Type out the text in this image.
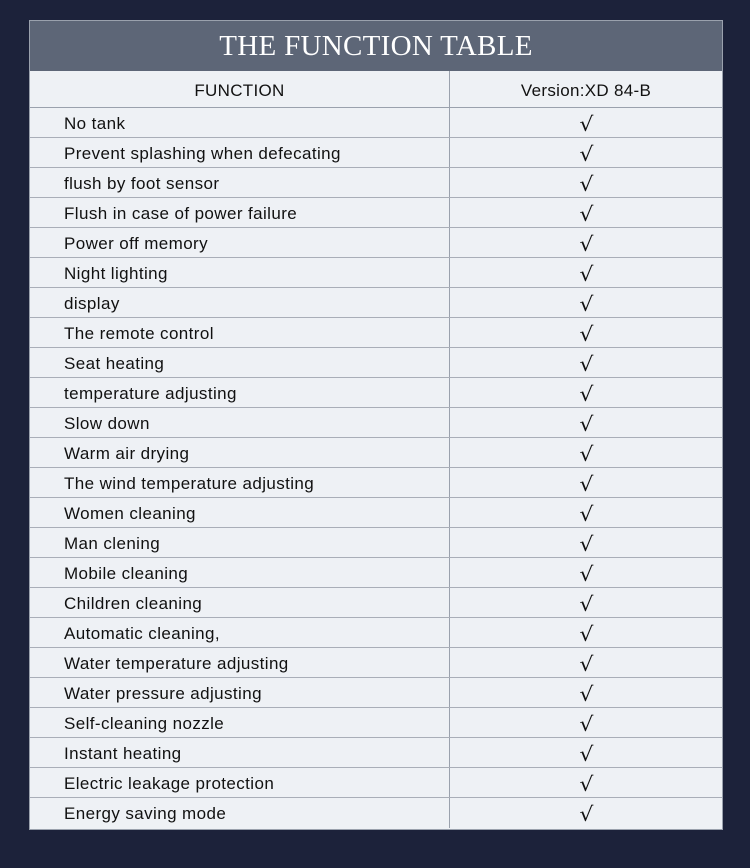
THE FUNCTION TABLE
FUNCTION	Version:XD 84-B
No tank	√
Prevent splashing when defecating	√
flush by foot sensor	√
Flush in case of power failure	√
Power off memory	√
Night lighting	√
display	√
The remote control	√
Seat heating	√
temperature adjusting	√
Slow down	√
Warm air drying	√
The wind temperature adjusting	√
Women cleaning	√
Man clening	√
Mobile cleaning	√
Children cleaning	√
Automatic cleaning,	√
Water temperature adjusting	√
Water pressure adjusting	√
Self-cleaning nozzle	√
Instant heating	√
Electric leakage protection	√
Energy saving mode	√
